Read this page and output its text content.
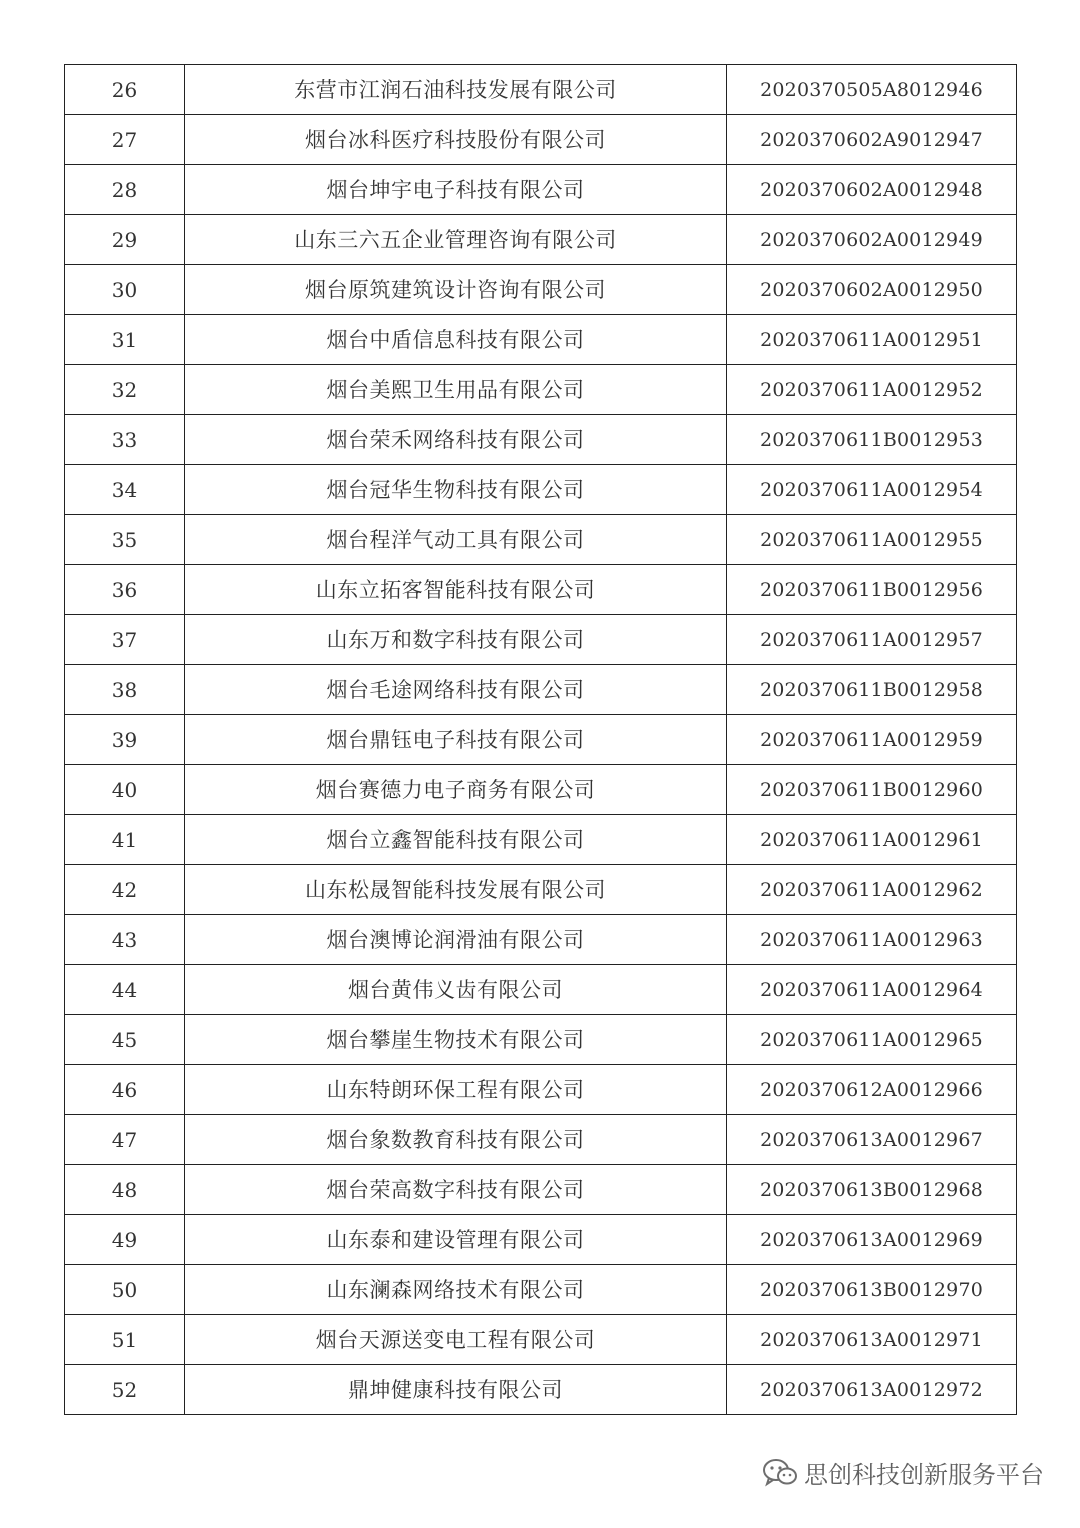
26	东营市江润石油科技发展有限公司	2020370505A8012946
27	烟台冰科医疗科技股份有限公司	2020370602A9012947
28	烟台坤宇电子科技有限公司	2020370602A0012948
29	山东三六五企业管理咨询有限公司	2020370602A0012949
30	烟台原筑建筑设计咨询有限公司	2020370602A0012950
31	烟台中盾信息科技有限公司	2020370611A0012951
32	烟台美熙卫生用品有限公司	2020370611A0012952
33	烟台荣禾网络科技有限公司	2020370611B0012953
34	烟台冠华生物科技有限公司	2020370611A0012954
35	烟台程洋气动工具有限公司	2020370611A0012955
36	山东立拓客智能科技有限公司	2020370611B0012956
37	山东万和数字科技有限公司	2020370611A0012957
38	烟台毛途网络科技有限公司	2020370611B0012958
39	烟台鼎钰电子科技有限公司	2020370611A0012959
40	烟台赛德力电子商务有限公司	2020370611B0012960
41	烟台立鑫智能科技有限公司	2020370611A0012961
42	山东松晟智能科技发展有限公司	2020370611A0012962
43	烟台澳博论润滑油有限公司	2020370611A0012963
44	烟台黄伟义齿有限公司	2020370611A0012964
45	烟台攀崖生物技术有限公司	2020370611A0012965
46	山东特朗环保工程有限公司	2020370612A0012966
47	烟台象数教育科技有限公司	2020370613A0012967
48	烟台荣高数字科技有限公司	2020370613B0012968
49	山东泰和建设管理有限公司	2020370613A0012969
50	山东澜森网络技术有限公司	2020370613B0012970
51	烟台天源送变电工程有限公司	2020370613A0012971
52	鼎坤健康科技有限公司	2020370613A0012972
思创科技创新服务平台
